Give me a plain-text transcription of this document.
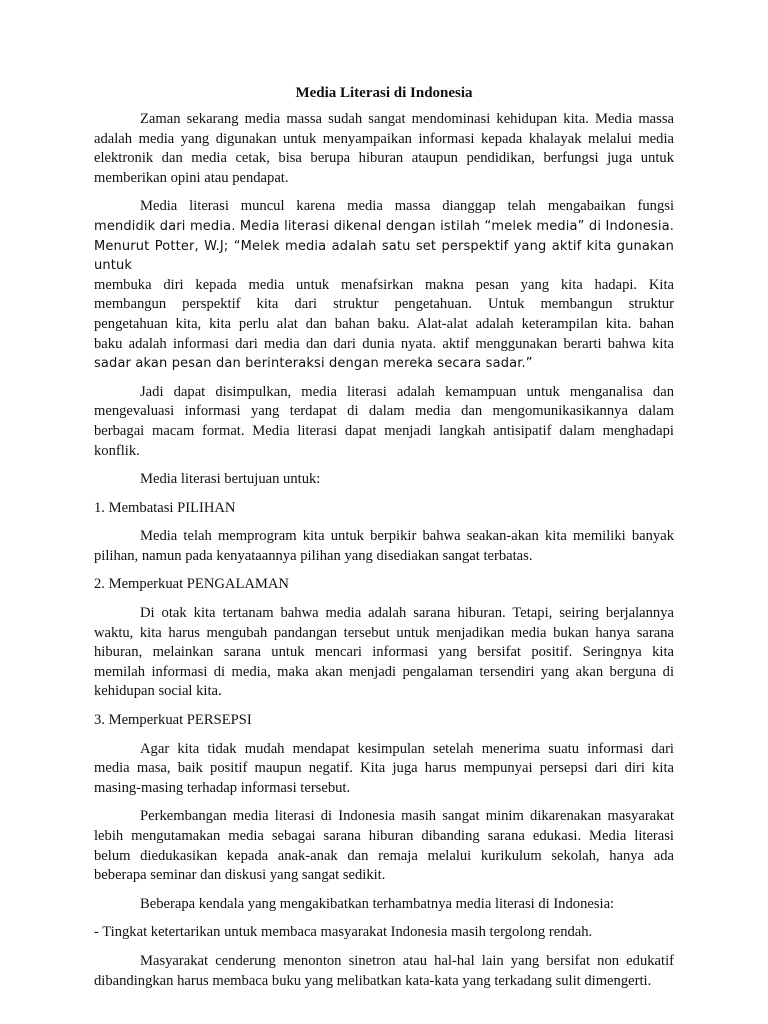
Media Literasi di Indonesia
Zaman sekarang media massa sudah sangat mendominasi kehidupan kita. Media massa
adalah media yang digunakan untuk menyampaikan informasi kepada khalayak melalui media
elektronik dan media cetak, bisa berupa hiburan ataupun pendidikan, berfungsi juga untuk
memberikan opini atau pendapat.
Media literasi muncul karena media massa dianggap telah mengabaikan fungsi
mendidik dari media. Media literasi dikenal dengan istilah “melek media” di Indonesia.
Menurut Potter, W.J; “Melek media adalah satu set perspektif yang aktif kita gunakan untuk
membuka diri kepada media untuk menafsirkan makna pesan yang kita hadapi. Kita
membangun perspektif kita dari struktur pengetahuan. Untuk membangun struktur
pengetahuan kita, kita perlu alat dan bahan baku. Alat-alat adalah keterampilan kita. bahan
baku adalah informasi dari media dan dari dunia nyata. aktif menggunakan berarti bahwa kita
sadar akan pesan dan berinteraksi dengan mereka secara sadar.”
Jadi dapat disimpulkan, media literasi adalah kemampuan untuk menganalisa dan
mengevaluasi informasi yang terdapat di dalam media dan mengomunikasikannya dalam
berbagai macam format. Media literasi dapat menjadi langkah antisipatif dalam menghadapi
konflik.
Media literasi bertujuan untuk:
1. Membatasi PILIHAN
Media telah memprogram kita untuk berpikir bahwa seakan-akan kita memiliki banyak
pilihan, namun pada kenyataannya pilihan yang disediakan sangat terbatas.
2. Memperkuat PENGALAMAN
Di otak kita tertanam bahwa media adalah sarana hiburan. Tetapi, seiring berjalannya
waktu, kita harus mengubah pandangan tersebut untuk menjadikan media bukan hanya sarana
hiburan, melainkan sarana untuk mencari informasi yang bersifat positif. Seringnya kita
memilah informasi di media, maka akan menjadi pengalaman tersendiri yang akan berguna di
kehidupan social kita.
3. Memperkuat PERSEPSI
Agar kita tidak mudah mendapat kesimpulan setelah menerima suatu informasi dari
media masa, baik positif maupun negatif. Kita juga harus mempunyai persepsi dari diri kita
masing-masing terhadap informasi tersebut.
Perkembangan media literasi di Indonesia masih sangat minim dikarenakan masyarakat
lebih mengutamakan media sebagai sarana hiburan dibanding sarana edukasi. Media literasi
belum diedukasikan kepada anak-anak dan remaja melalui kurikulum sekolah, hanya ada
beberapa seminar dan diskusi yang sangat sedikit.
Beberapa kendala yang mengakibatkan terhambatnya media literasi di Indonesia:
- Tingkat ketertarikan untuk membaca masyarakat Indonesia masih tergolong rendah.
Masyarakat cenderung menonton sinetron atau hal-hal lain yang bersifat non edukatif
dibandingkan harus membaca buku yang melibatkan kata-kata yang terkadang sulit dimengerti.
